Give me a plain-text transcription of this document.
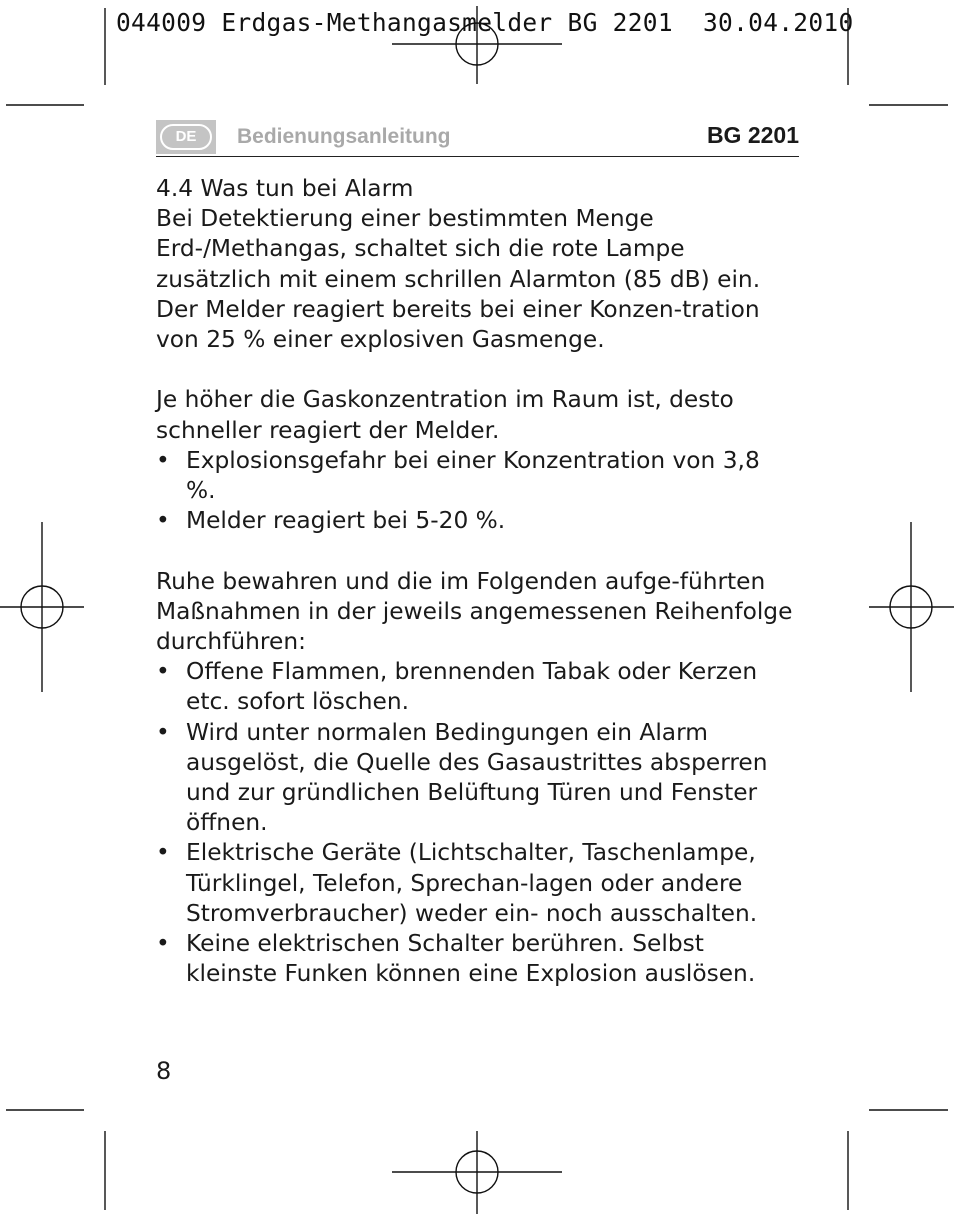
044009 Erdgas-Methangasmelder BG 2201 30.04.2010

DE	Bedienungsanleitung	BG 2201

4.4 Was tun bei Alarm

Bei Detektierung einer bestimmten Menge Erd-/Methangas, schaltet sich die rote Lampe zusätzlich mit einem schrillen Alarmton (85 dB) ein. Der Melder reagiert bereits bei einer Konzen-tration von 25 % einer explosiven Gasmenge.

Je höher die Gaskonzentration im Raum ist, desto schneller reagiert der Melder.

• Explosionsgefahr bei einer Konzentration von 3,8 %.
• Melder reagiert bei 5-20 %.

Ruhe bewahren und die im Folgenden aufge-führten Maßnahmen in der jeweils angemessenen Reihenfolge durchführen:

• Offene Flammen, brennenden Tabak oder Kerzen etc. sofort löschen.
• Wird unter normalen Bedingungen ein Alarm ausgelöst, die Quelle des Gasaustrittes absperren und zur gründlichen Belüftung Türen und Fenster öffnen.
• Elektrische Geräte (Lichtschalter, Taschenlampe, Türklingel, Telefon, Sprechan-lagen oder andere Stromverbraucher) weder ein- noch ausschalten.
• Keine elektrischen Schalter berühren. Selbst kleinste Funken können eine Explosion auslösen.
8
